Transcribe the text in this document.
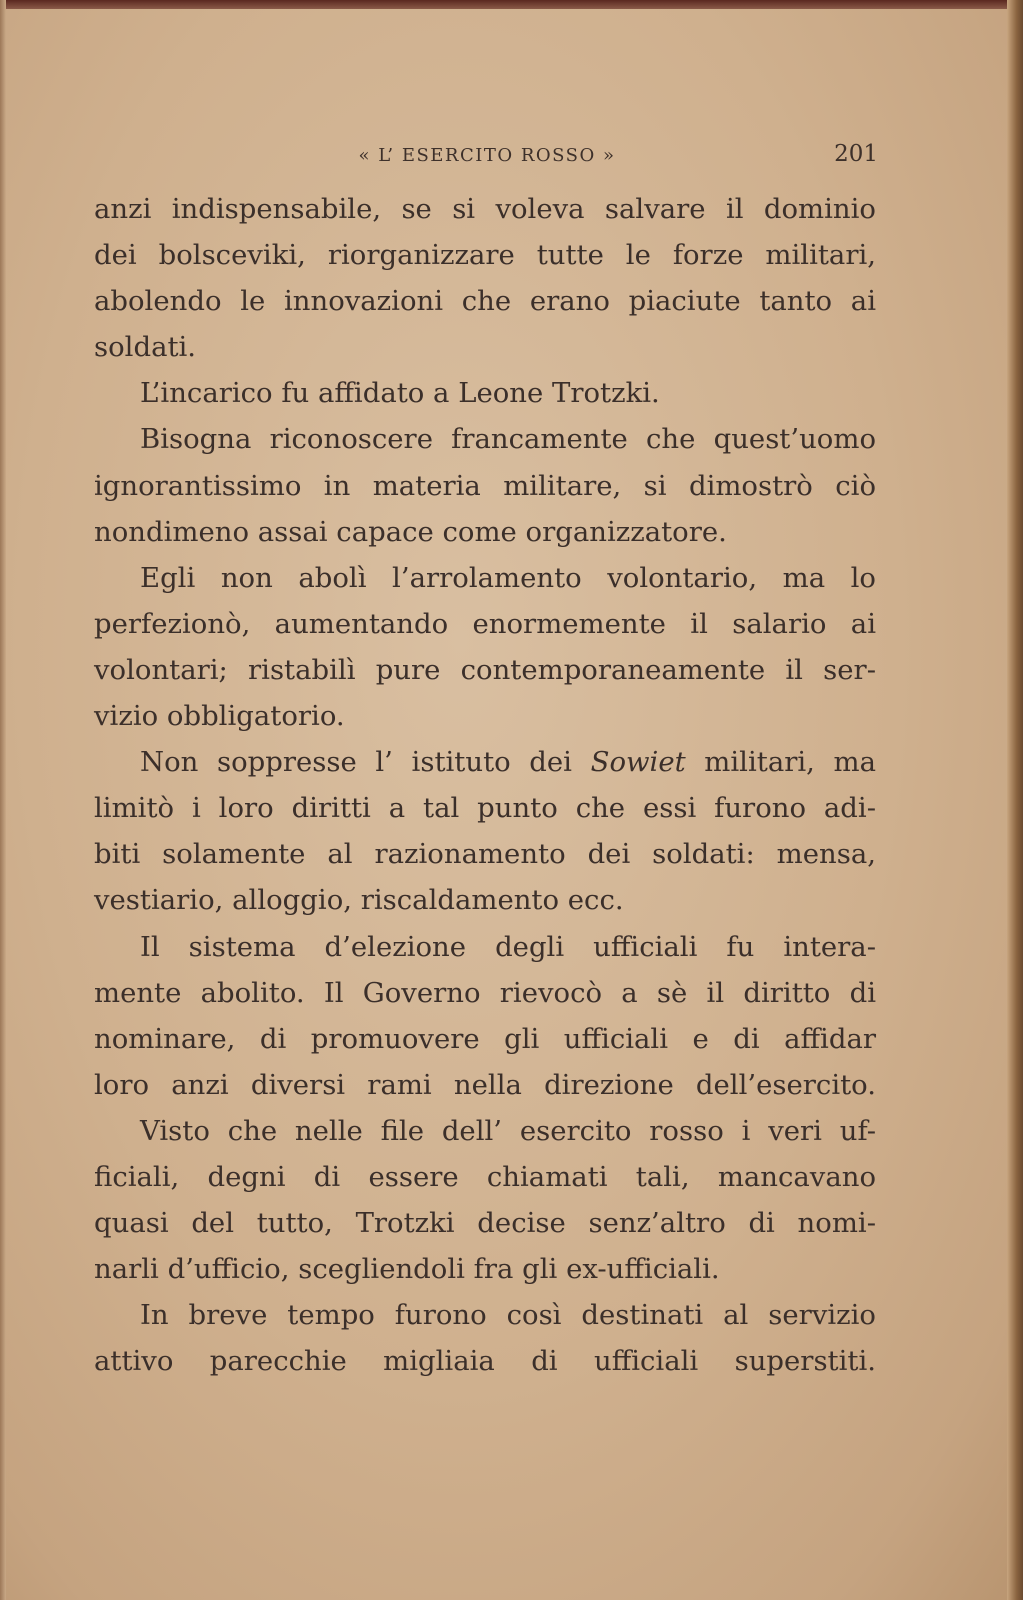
« L’ ESERCITO ROSSO »	201
anzi indispensabile, se si voleva salvare il dominio
dei bolsceviki, riorganizzare tutte le forze militari,
abolendo le innovazioni che erano piaciute tanto ai
soldati.
L’incarico fu affidato a Leone Trotzki.
Bisogna riconoscere francamente che quest’uomo
ignorantissimo in materia militare, si dimostrò ciò
nondimeno assai capace come organizzatore.
Egli non abolì l’arrolamento volontario, ma lo
perfezionò, aumentando enormemente il salario ai
volontari; ristabilì pure contemporaneamente il ser-
vizio obbligatorio.
Non soppresse l’ istituto dei Sowiet militari, ma
limitò i loro diritti a tal punto che essi furono adi-
biti solamente al razionamento dei soldati: mensa,
vestiario, alloggio, riscaldamento ecc.
Il sistema d’elezione degli ufficiali fu intera-
mente abolito. Il Governo rievocò a sè il diritto di
nominare, di promuovere gli ufficiali e di affidar
loro anzi diversi rami nella direzione dell’esercito.
Visto che nelle file dell’ esercito rosso i veri uf-
ficiali, degni di essere chiamati tali, mancavano
quasi del tutto, Trotzki decise senz’altro di nomi-
narli d’ufficio, scegliendoli fra gli ex-ufficiali.
In breve tempo furono così destinati al servizio
attivo parecchie migliaia di ufficiali superstiti.
